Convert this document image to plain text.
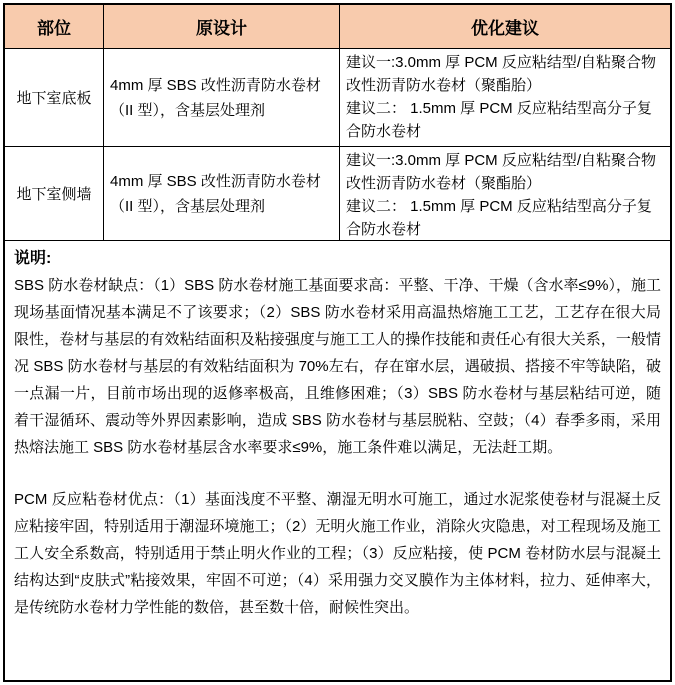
部位	原设计	优化建议
地下室底板
4mm 厚 SBS 改性沥青防水卷材（II 型），含基层处理剂
建议一:3.0mm 厚 PCM 反应粘结型/自粘聚合物改性沥青防水卷材（聚酯胎）
建议二： 1.5mm 厚 PCM 反应粘结型高分子复合防水卷材
地下室侧墙
4mm 厚 SBS 改性沥青防水卷材（II 型），含基层处理剂
建议一:3.0mm 厚 PCM 反应粘结型/自粘聚合物改性沥青防水卷材（聚酯胎）
建议二： 1.5mm 厚 PCM 反应粘结型高分子复合防水卷材
说明:

SBS 防水卷材缺点：（1）SBS 防水卷材施工基面要求高：平整、干净、干燥（含水率≤9%），施工现场基面情况基本满足不了该要求；（2）SBS 防水卷材采用高温热熔施工工艺，工艺存在很大局限性，卷材与基层的有效粘结面积及粘接强度与施工工人的操作技能和责任心有很大关系，一般情况 SBS 防水卷材与基层的有效粘结面积为 70%左右，存在窜水层，遇破损、搭接不牢等缺陷，破一点漏一片，目前市场出现的返修率极高，且维修困难；（3）SBS 防水卷材与基层粘结可逆，随着干湿循环、震动等外界因素影响，造成 SBS 防水卷材与基层脱粘、空鼓；（4）春季多雨，采用热熔法施工 SBS 防水卷材基层含水率要求≤9%，施工条件难以满足，无法赶工期。

PCM 反应粘卷材优点：（1）基面浅度不平整、潮湿无明水可施工，通过水泥浆使卷材与混凝土反应粘接牢固，特别适用于潮湿环境施工；（2）无明火施工作业，消除火灾隐患，对工程现场及施工工人安全系数高，特别适用于禁止明火作业的工程；（3）反应粘接，使 PCM 卷材防水层与混凝土结构达到“皮肤式”粘接效果，牢固不可逆；（4）采用强力交叉膜作为主体材料，拉力、延伸率大，是传统防水卷材力学性能的数倍，甚至数十倍，耐候性突出。
